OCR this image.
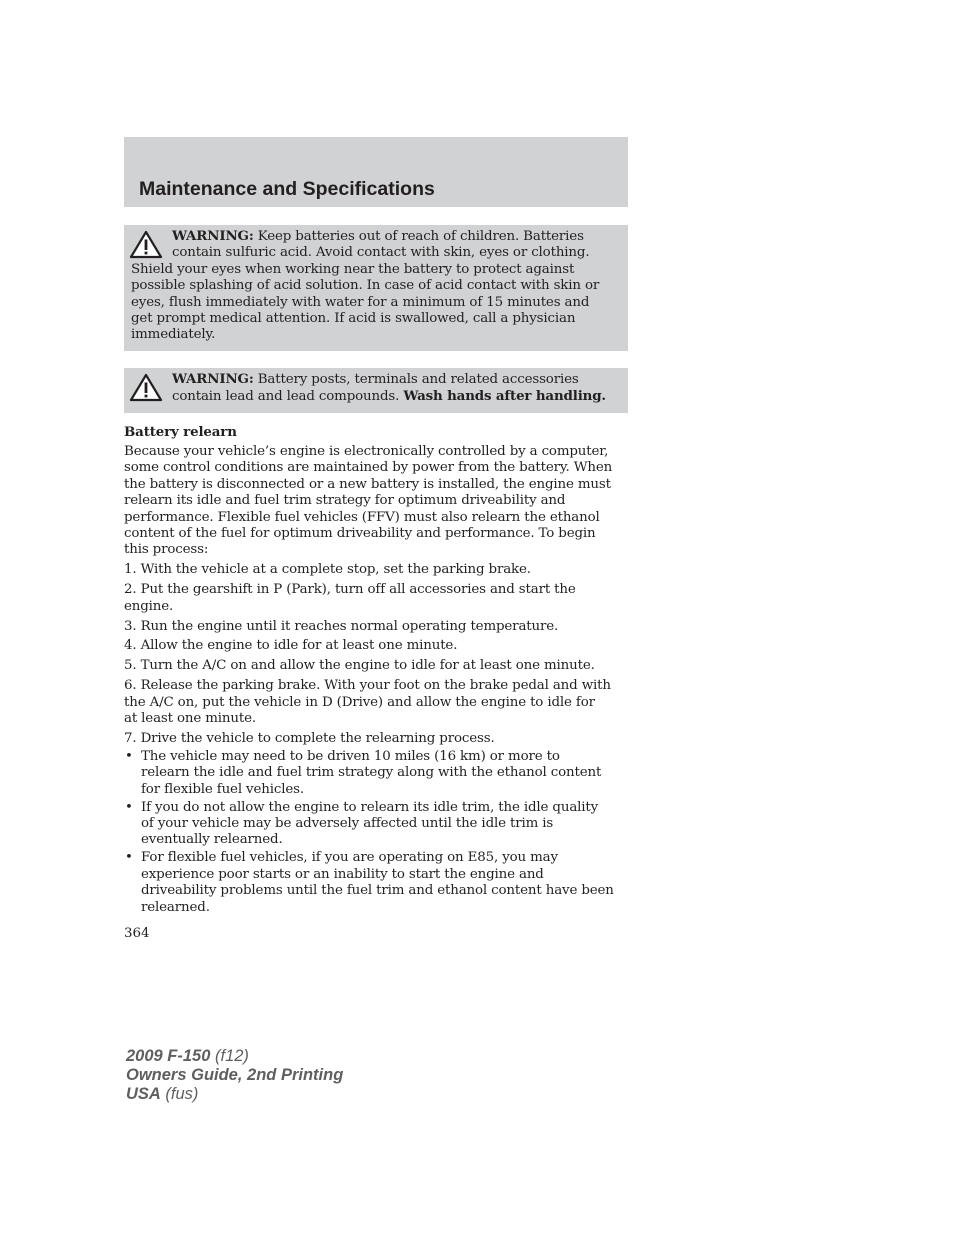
Maintenance and Specifications
WARNING: Keep batteries out of reach of children. Batteries
contain sulfuric acid. Avoid contact with skin, eyes or clothing.
Shield your eyes when working near the battery to protect against
possible splashing of acid solution. In case of acid contact with skin or
eyes, flush immediately with water for a minimum of 15 minutes and
get prompt medical attention. If acid is swallowed, call a physician
immediately.
WARNING: Battery posts, terminals and related accessories
contain lead and lead compounds. Wash hands after handling.
Battery relearn
Because your vehicle’s engine is electronically controlled by a computer,
some control conditions are maintained by power from the battery. When
the battery is disconnected or a new battery is installed, the engine must
relearn its idle and fuel trim strategy for optimum driveability and
performance. Flexible fuel vehicles (FFV) must also relearn the ethanol
content of the fuel for optimum driveability and performance. To begin
this process:
1. With the vehicle at a complete stop, set the parking brake.
2. Put the gearshift in P (Park), turn off all accessories and start the
engine.
3. Run the engine until it reaches normal operating temperature.
4. Allow the engine to idle for at least one minute.
5. Turn the A/C on and allow the engine to idle for at least one minute.
6. Release the parking brake. With your foot on the brake pedal and with
the A/C on, put the vehicle in D (Drive) and allow the engine to idle for
at least one minute.
7. Drive the vehicle to complete the relearning process.
• The vehicle may need to be driven 10 miles (16 km) or more to
relearn the idle and fuel trim strategy along with the ethanol content
for flexible fuel vehicles.
• If you do not allow the engine to relearn its idle trim, the idle quality
of your vehicle may be adversely affected until the idle trim is
eventually relearned.
• For flexible fuel vehicles, if you are operating on E85, you may
experience poor starts or an inability to start the engine and
driveability problems until the fuel trim and ethanol content have been
relearned.
364
2009 F-150 (f12)
Owners Guide, 2nd Printing
USA (fus)
